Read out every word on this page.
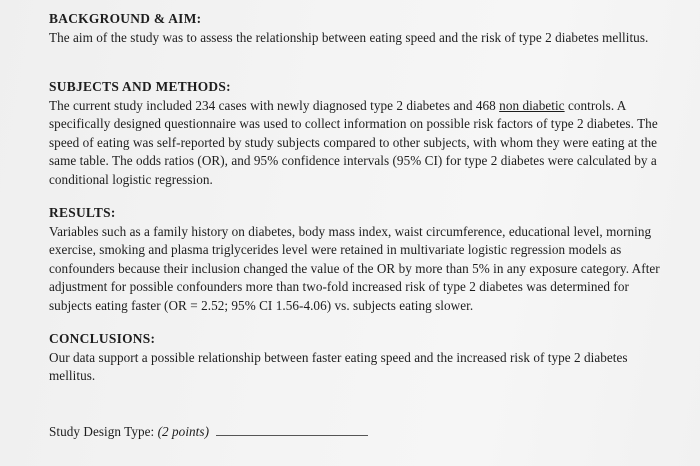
BACKGROUND & AIM:

The aim of the study was to assess the relationship between eating speed and the risk of type 2 diabetes mellitus.

SUBJECTS AND METHODS:

The current study included 234 cases with newly diagnosed type 2 diabetes and 468 non diabetic controls. A specifically designed questionnaire was used to collect information on possible risk factors of type 2 diabetes. The speed of eating was self-reported by study subjects compared to other subjects, with whom they were eating at the same table. The odds ratios (OR), and 95% confidence intervals (95% CI) for type 2 diabetes were calculated by a conditional logistic regression.

RESULTS:

Variables such as a family history on diabetes, body mass index, waist circumference, educational level, morning exercise, smoking and plasma triglycerides level were retained in multivariate logistic regression models as confounders because their inclusion changed the value of the OR by more than 5% in any exposure category. After adjustment for possible confounders more than two-fold increased risk of type 2 diabetes was determined for subjects eating faster (OR = 2.52; 95% CI 1.56-4.06) vs. subjects eating slower.

CONCLUSIONS:

Our data support a possible relationship between faster eating speed and the increased risk of type 2 diabetes mellitus.

Study Design Type: (2 points)
